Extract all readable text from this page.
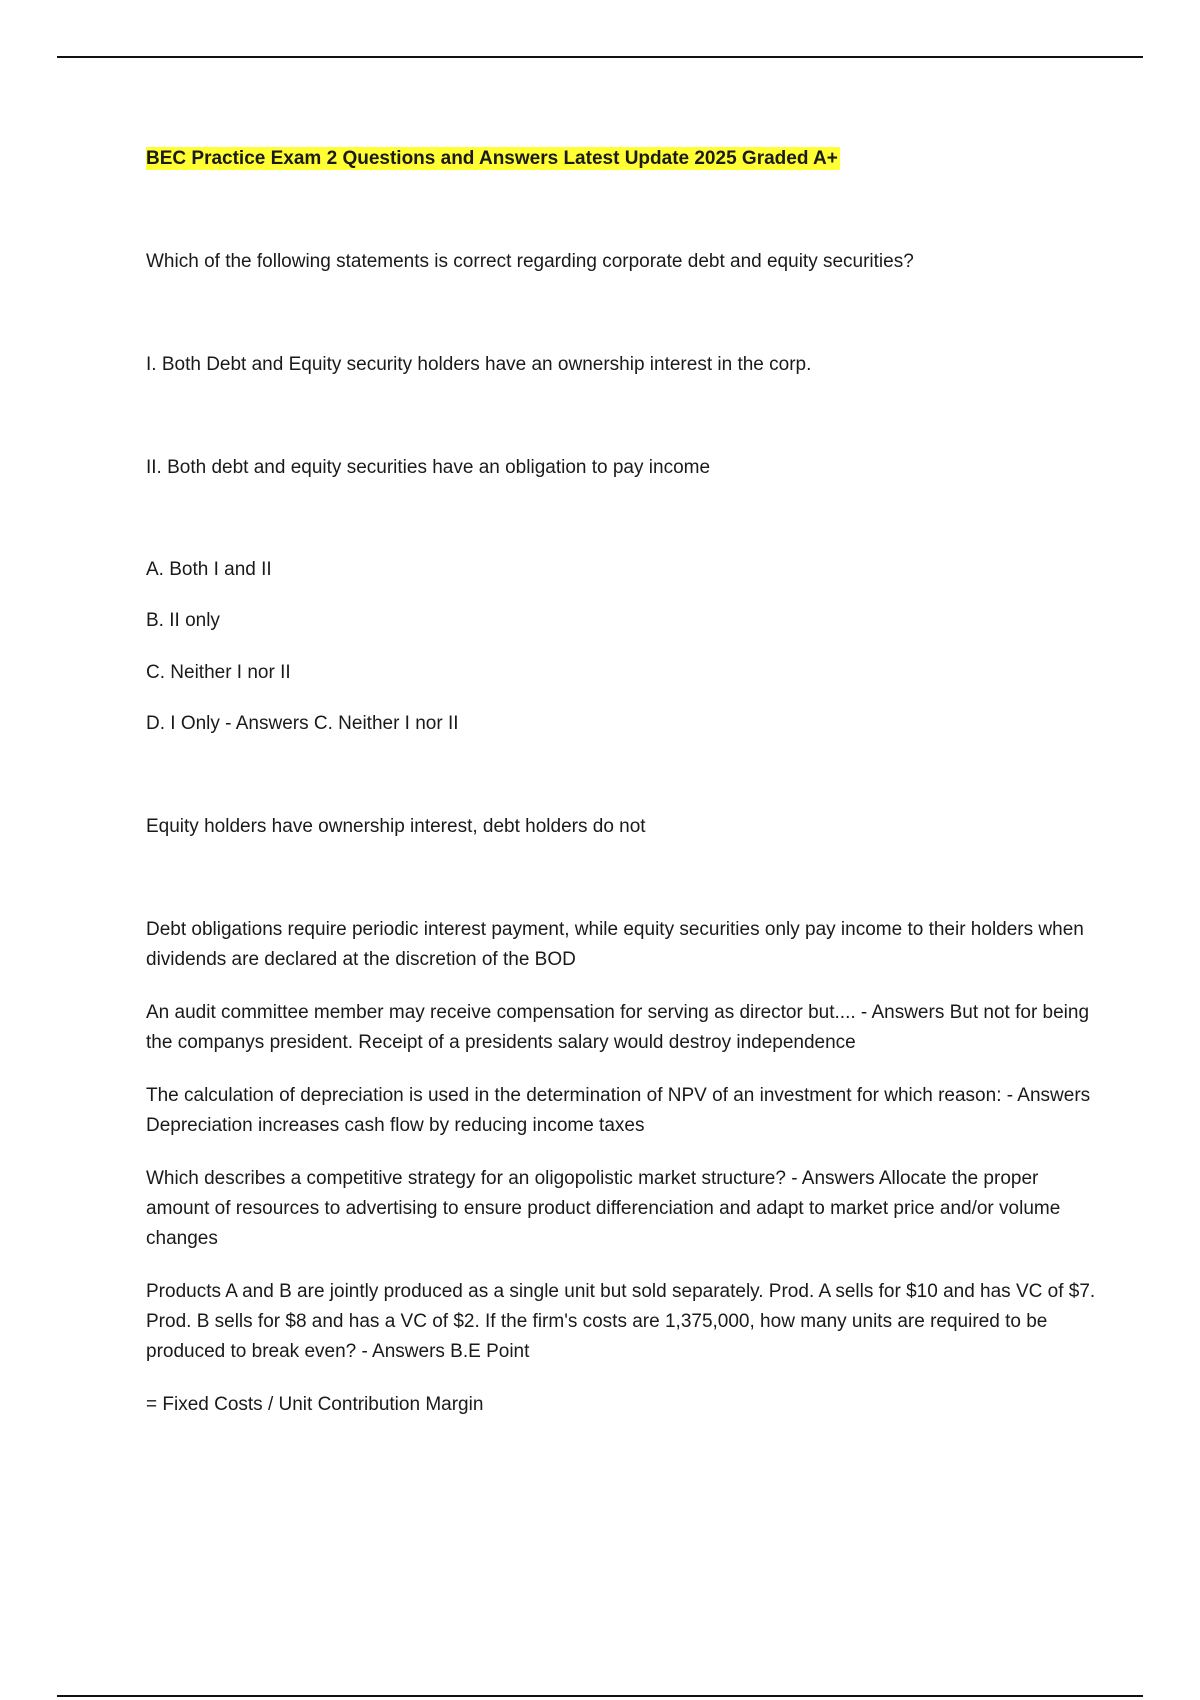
BEC Practice Exam 2 Questions and Answers Latest Update 2025 Graded A+

Which of the following statements is correct regarding corporate debt and equity securities?

I. Both Debt and Equity security holders have an ownership interest in the corp.

II. Both debt and equity securities have an obligation to pay income

A. Both I and II

B. II only

C. Neither I nor II

D. I Only - Answers C. Neither I nor II

Equity holders have ownership interest, debt holders do not

Debt obligations require periodic interest payment, while equity securities only pay income to their holders when dividends are declared at the discretion of the BOD

An audit committee member may receive compensation for serving as director but.... - Answers But not for being the companys president. Receipt of a presidents salary would destroy independence

The calculation of depreciation is used in the determination of NPV of an investment for which reason: - Answers Depreciation increases cash flow by reducing income taxes

Which describes a competitive strategy for an oligopolistic market structure? - Answers Allocate the proper amount of resources to advertising to ensure product differenciation and adapt to market price and/or volume changes

Products A and B are jointly produced as a single unit but sold separately. Prod. A sells for $10 and has VC of $7. Prod. B sells for $8 and has a VC of $2. If the firm's costs are 1,375,000, how many units are required to be produced to break even? - Answers B.E Point

= Fixed Costs / Unit Contribution Margin
